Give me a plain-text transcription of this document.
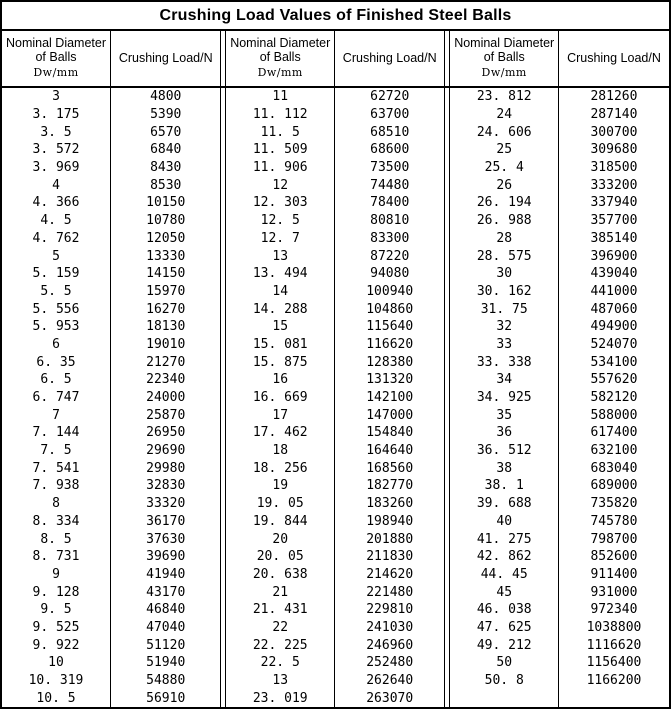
Crushing Load Values of Finished Steel Balls
Nominal Diameter
of Balls
Dw/mm	Crushing Load/N		Nominal Diameter
of Balls
Dw/mm	Crushing Load/N		Nominal Diameter
of Balls
Dw/mm	Crushing Load/N
3	4800		11	62720		23. 812	281260
3. 175	5390		11. 112	63700		24	287140
3. 5	6570		11. 5	68510		24. 606	300700
3. 572	6840		11. 509	68600		25	309680
3. 969	8430		11. 906	73500		25. 4	318500
4	8530		12	74480		26	333200
4. 366	10150		12. 303	78400		26. 194	337940
4. 5	10780		12. 5	80810		26. 988	357700
4. 762	12050		12. 7	83300		28	385140
5	13330		13	87220		28. 575	396900
5. 159	14150		13. 494	94080		30	439040
5. 5	15970		14	100940		30. 162	441000
5. 556	16270		14. 288	104860		31. 75	487060
5. 953	18130		15	115640		32	494900
6	19010		15. 081	116620		33	524070
6. 35	21270		15. 875	128380		33. 338	534100
6. 5	22340		16	131320		34	557620
6. 747	24000		16. 669	142100		34. 925	582120
7	25870		17	147000		35	588000
7. 144	26950		17. 462	154840		36	617400
7. 5	29690		18	164640		36. 512	632100
7. 541	29980		18. 256	168560		38	683040
7. 938	32830		19	182770		38. 1	689000
8	33320		19. 05	183260		39. 688	735820
8. 334	36170		19. 844	198940		40	745780
8. 5	37630		20	201880		41. 275	798700
8. 731	39690		20. 05	211830		42. 862	852600
9	41940		20. 638	214620		44. 45	911400
9. 128	43170		21	221480		45	931000
9. 5	46840		21. 431	229810		46. 038	972340
9. 525	47040		22	241030		47. 625	1038800
9. 922	51120		22. 225	246960		49. 212	1116620
10	51940		22. 5	252480		50	1156400
10. 319	54880		13	262640		50. 8	1166200
10. 5	56910		23. 019	263070			
